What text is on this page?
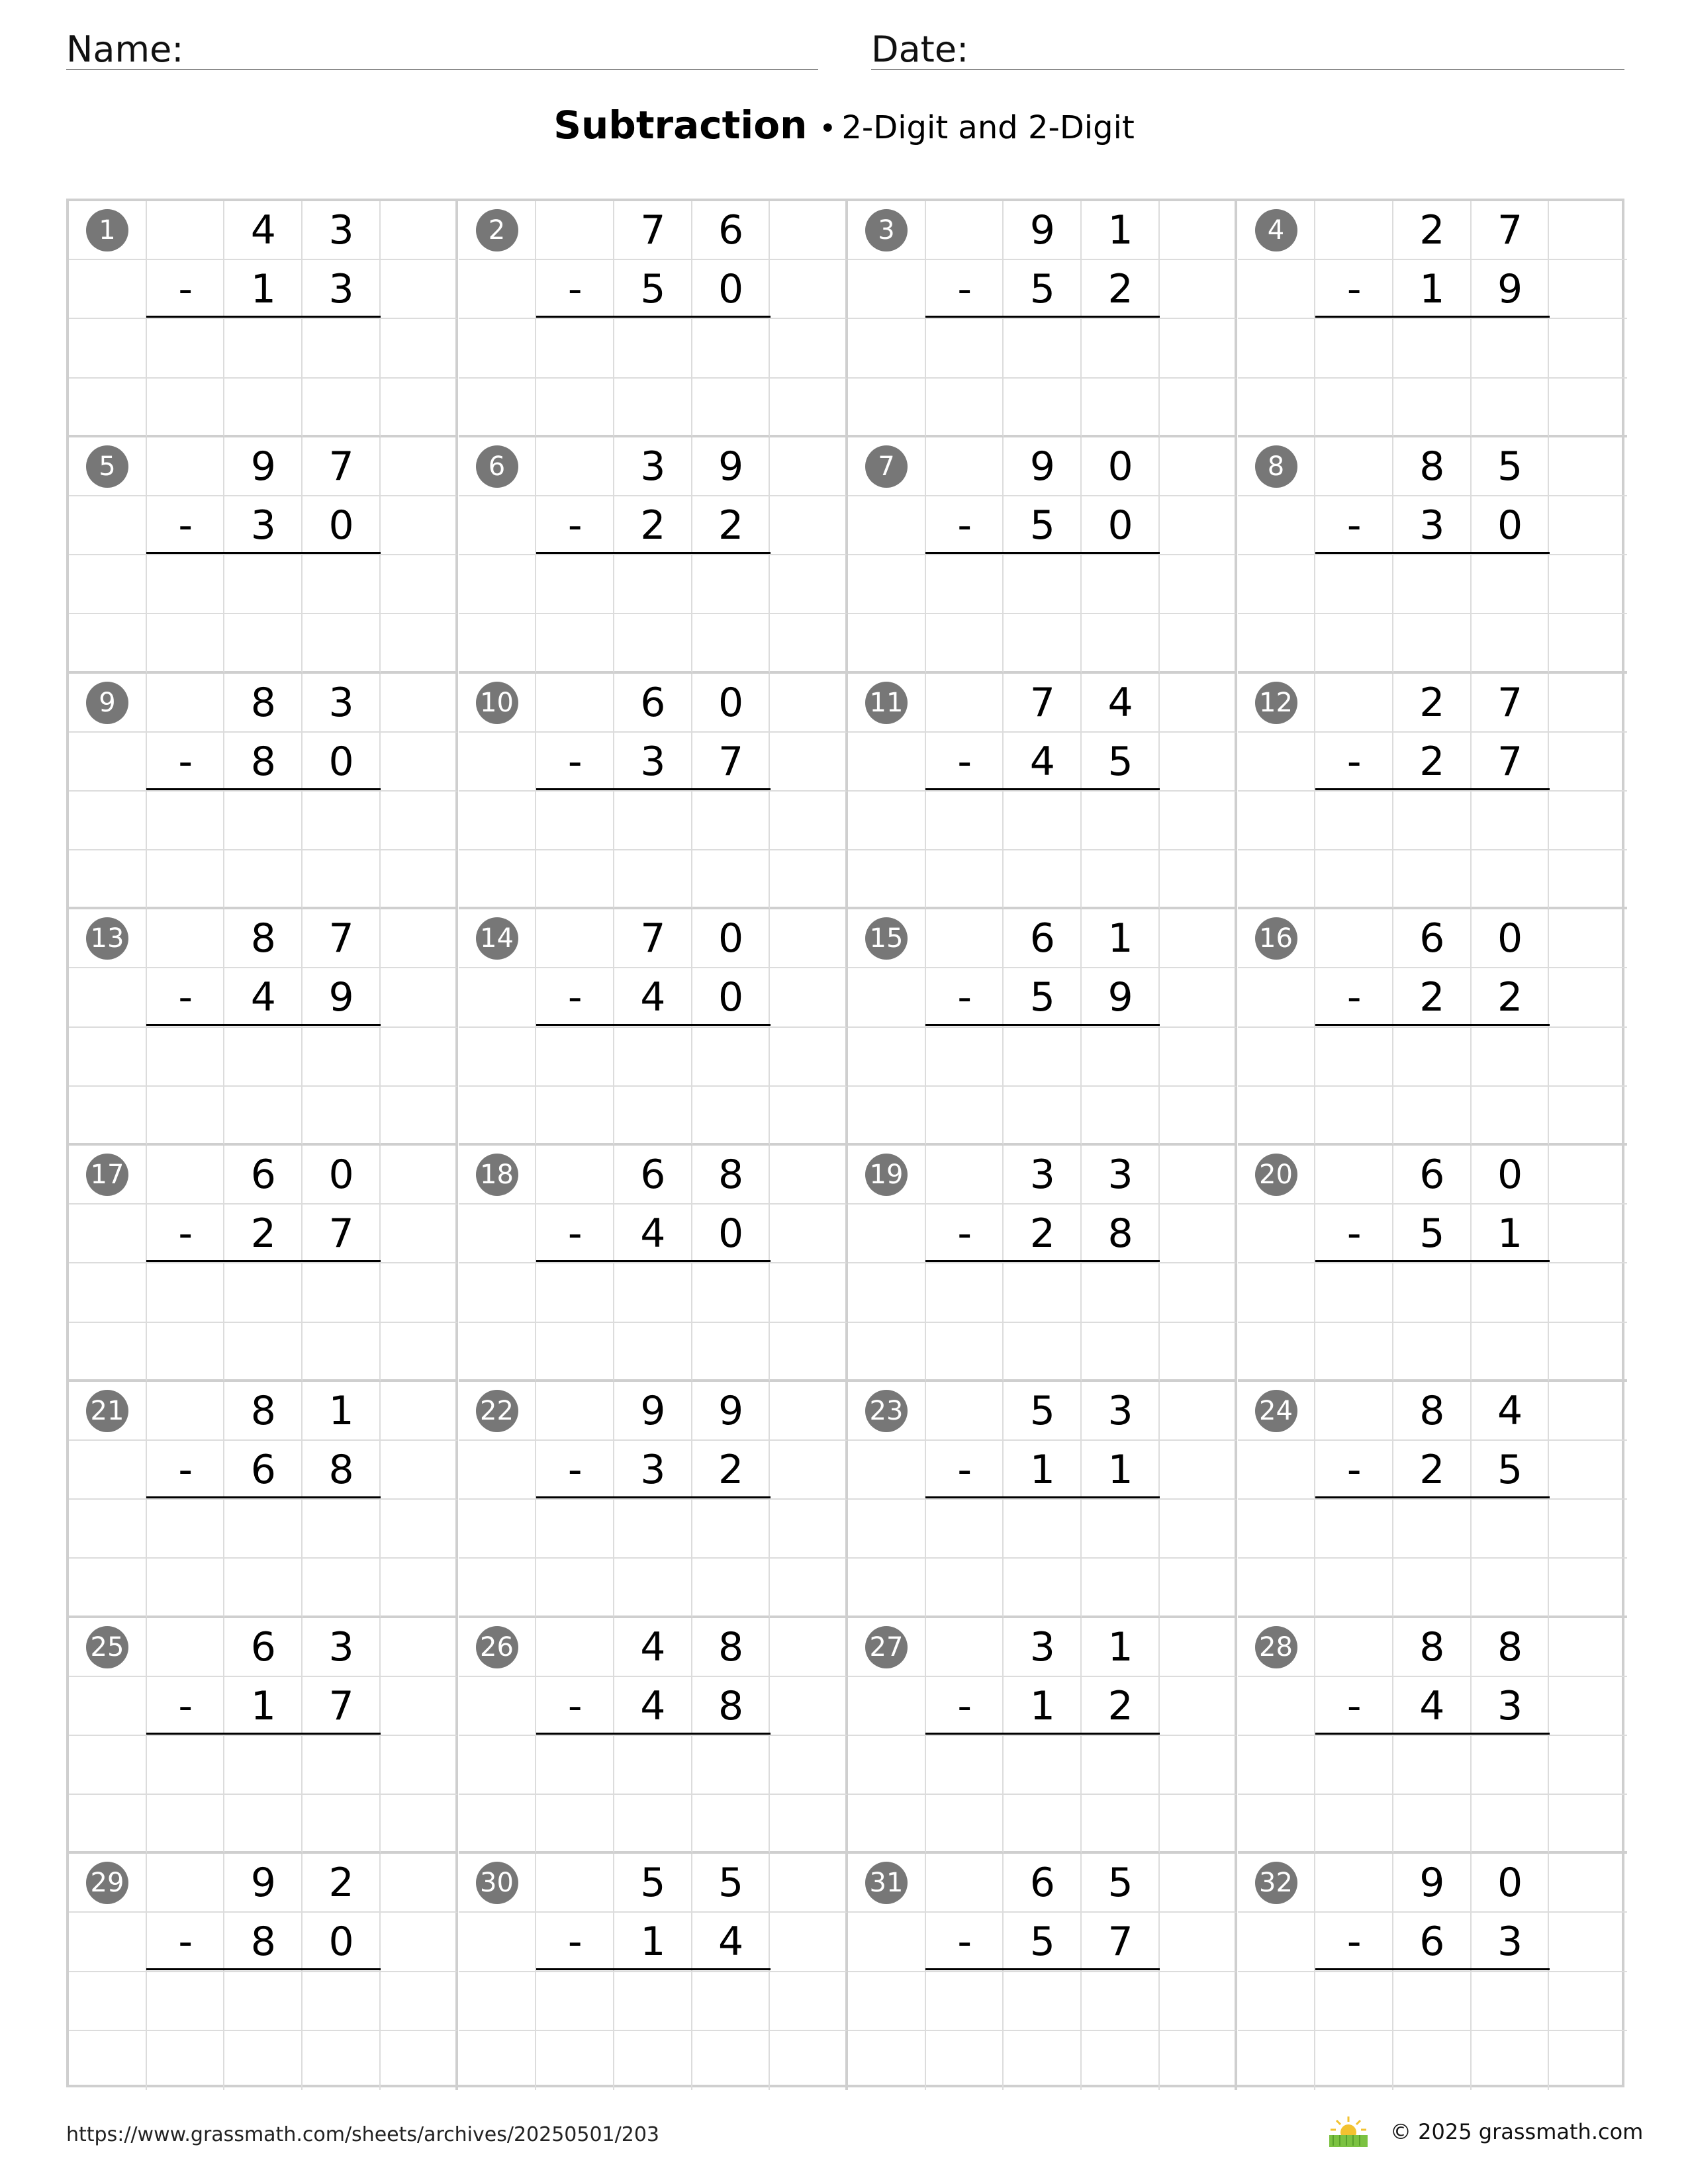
Name:	Date:
Subtraction • 2-Digit and 2-Digit
1	4	3
-	1	3
2	7	6
-	5	0
3	9	1
-	5	2
4	2	7
-	1	9
5	9	7
-	3	0
6	3	9
-	2	2
7	9	0
-	5	0
8	8	5
-	3	0
9	8	3
-	8	0
10	6	0
-	3	7
11	7	4
-	4	5
12	2	7
-	2	7
13	8	7
-	4	9
14	7	0
-	4	0
15	6	1
-	5	9
16	6	0
-	2	2
17	6	0
-	2	7
18	6	8
-	4	0
19	3	3
-	2	8
20	6	0
-	5	1
21	8	1
-	6	8
22	9	9
-	3	2
23	5	3
-	1	1
24	8	4
-	2	5
25	6	3
-	1	7
26	4	8
-	4	8
27	3	1
-	1	2
28	8	8
-	4	3
29	9	2
-	8	0
30	5	5
-	1	4
31	6	5
-	5	7
32	9	0
-	6	3
https://www.grassmath.com/sheets/archives/20250501/203	© 2025 grassmath.com
